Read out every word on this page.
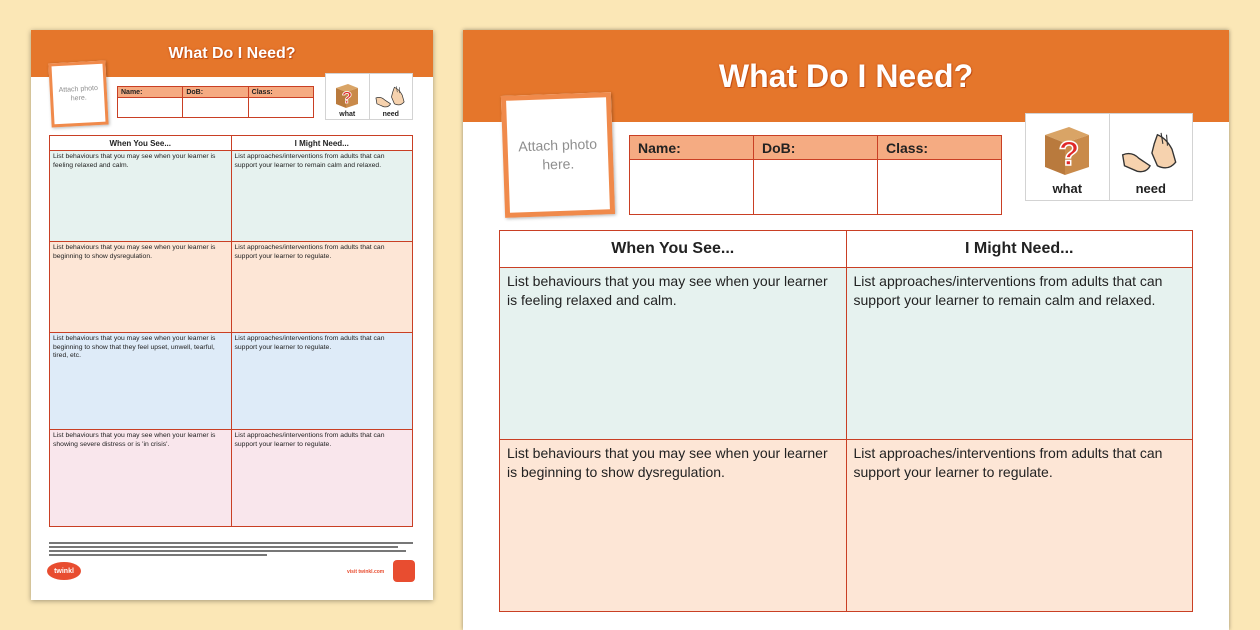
What Do I Need?
Attach photo here.
Name:	DoB:	Class:
		?
what	need
When You See...	I Might Need...
List behaviours that you may see when your learner is feeling relaxed and calm.	List approaches/interventions from adults that can support your learner to remain calm and relaxed.
List behaviours that you may see when your learner is beginning to show dysregulation.	List approaches/interventions from adults that can support your learner to regulate.
List behaviours that you may see when your learner is beginning to show that they feel upset, unwell, tearful, tired, etc.	List approaches/interventions from adults that can support your learner to regulate.
List behaviours that you may see when your learner is showing severe distress or is 'in crisis'.	List approaches/interventions from adults that can support your learner to regulate.
twinkl	visit twinkl.com
What Do I Need?
Attach photo here.
Name:	DoB:	Class:
			?
what	need
When You See...	I Might Need...
List behaviours that you may see when your learner is feeling relaxed and calm.	List approaches/interventions from adults that can support your learner to remain calm and relaxed.
List behaviours that you may see when your learner is beginning to show dysregulation.	List approaches/interventions from adults that can support your learner to regulate.
